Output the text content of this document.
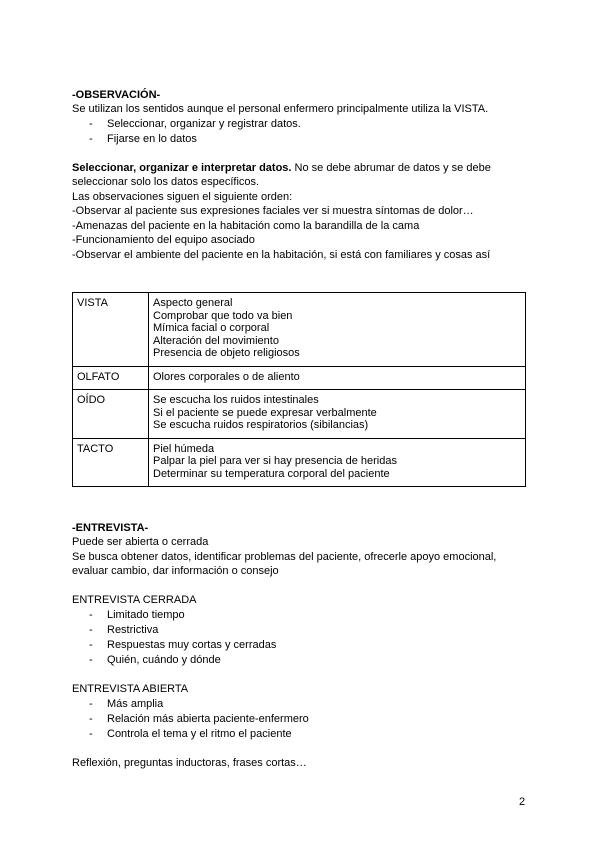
-OBSERVACIÓN-
Se utilizan los sentidos aunque el personal enfermero principalmente utiliza la VISTA.
- Seleccionar, organizar y registrar datos.
- Fijarse en lo datos
Seleccionar, organizar e interpretar datos. No se debe abrumar de datos y se debe
seleccionar solo los datos específicos.
Las observaciones siguen el siguiente orden:
-Observar al paciente sus expresiones faciales ver si muestra síntomas de dolor…
-Amenazas del paciente en la habitación como la barandilla de la cama
-Funcionamiento del equipo asociado
-Observar el ambiente del paciente en la habitación, si está con familiares y cosas así
VISTA	Aspecto general
Comprobar que todo va bien
Mímica facial o corporal
Alteración del movimiento
Presencia de objeto religiosos

OLFATO	Olores corporales o de aliento

OÍDO	Se escucha los ruidos intestinales
Si el paciente se puede expresar verbalmente
Se escucha ruidos respiratorios (sibilancias)

TACTO	Piel húmeda
Palpar la piel para ver si hay presencia de heridas
Determinar su temperatura corporal del paciente
-ENTREVISTA-
Puede ser abierta o cerrada
Se busca obtener datos, identificar problemas del paciente, ofrecerle apoyo emocional,
evaluar cambio, dar información o consejo
ENTREVISTA CERRADA
- Limitado tiempo
- Restrictiva
- Respuestas muy cortas y cerradas
- Quién, cuándo y dónde
ENTREVISTA ABIERTA
- Más amplia
- Relación más abierta paciente-enfermero
- Controla el tema y el ritmo el paciente
Reflexión, preguntas inductoras, frases cortas…
2
